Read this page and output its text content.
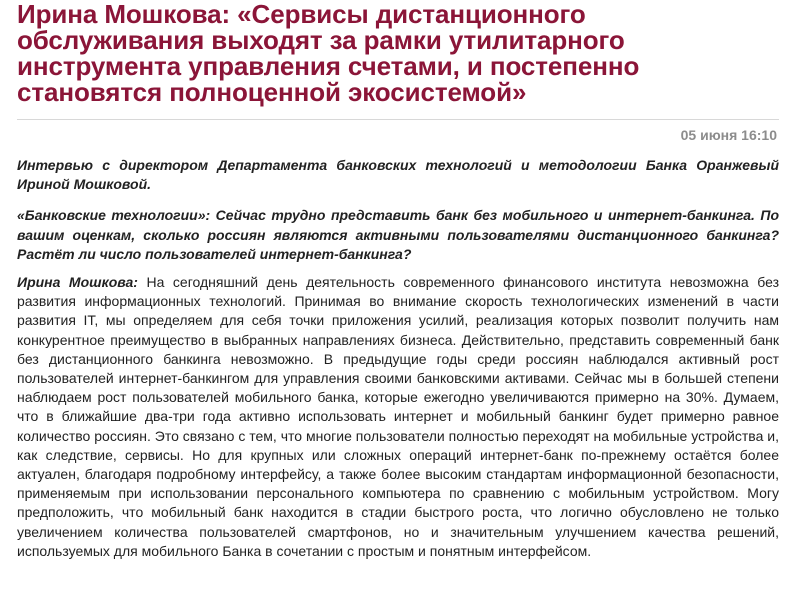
Ирина Мошкова: «Сервисы дистанционного обслуживания выходят за рамки утилитарного инструмента управления счетами, и постепенно становятся полноценной экосистемой»
05 июня 16:10

Интервью с директором Департамента банковских технологий и методологии Банка Оранжевый Ириной Мошковой.

«Банковские технологии»: Сейчас трудно представить банк без мобильного и интернет-банкинга. По вашим оценкам, сколько россиян являются активными пользователями дистанционного банкинга? Растёт ли число пользователей интернет-банкинга?

Ирина Мошкова: На сегодняшний день деятельность современного финансового института невозможна без развития информационных технологий. Принимая во внимание скорость технологических изменений в части развития IT, мы определяем для себя точки приложения усилий, реализация которых позволит получить нам конкурентное преимущество в выбранных направлениях бизнеса. Действительно, представить современный банк без дистанционного банкинга невозможно. В предыдущие годы среди россиян наблюдался активный рост пользователей интернет-банкингом для управления своими банковскими активами. Сейчас мы в большей степени наблюдаем рост пользователей мобильного банка, которые ежегодно увеличиваются примерно на 30%. Думаем, что в ближайшие два-три года активно использовать интернет и мобильный банкинг будет примерно равное количество россиян. Это связано с тем, что многие пользователи полностью переходят на мобильные устройства и, как следствие, сервисы. Но для крупных или сложных операций интернет-банк по-прежнему остаётся более актуален, благодаря подробному интерфейсу, а также более высоким стандартам информационной безопасности, применяемым при использовании персонального компьютера по сравнению с мобильным устройством. Могу предположить, что мобильный банк находится в стадии быстрого роста, что логично обусловлено не только увеличением количества пользователей смартфонов, но и значительным улучшением качества решений, используемых для мобильного Банка в сочетании с простым и понятным интерфейсом.
